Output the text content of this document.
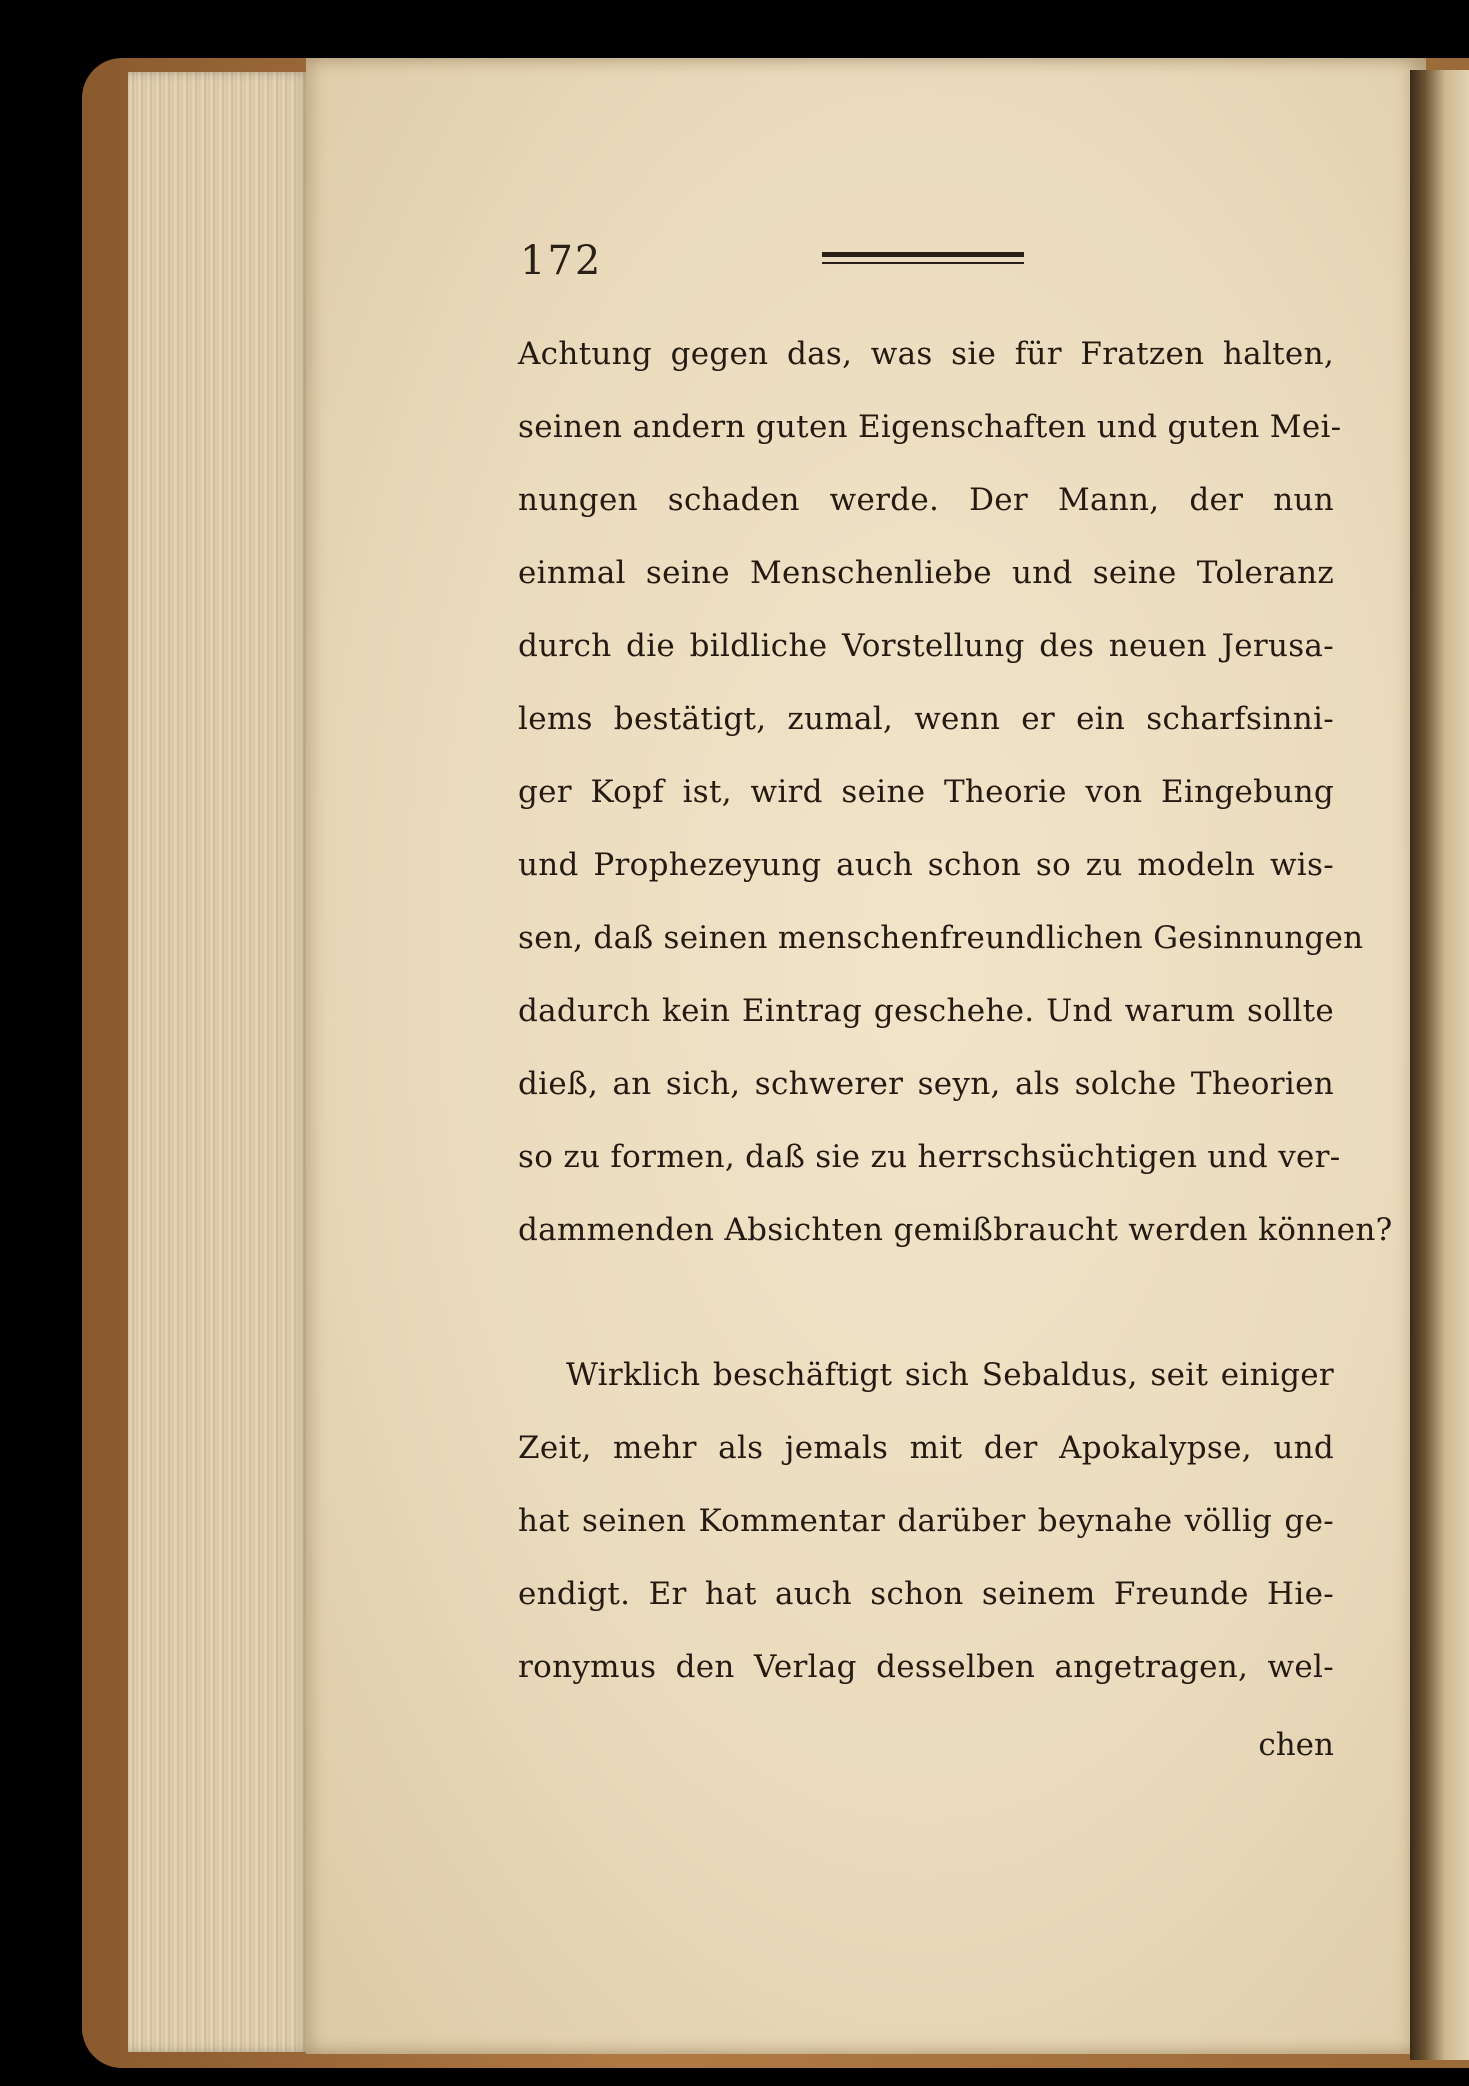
172
Achtung gegen das, was sie für Fratzen halten,
seinen andern guten Eigenschaften und guten Mei-
nungen schaden werde. Der Mann, der nun
einmal seine Menschenliebe und seine Toleranz
durch die bildliche Vorstellung des neuen Jerusa-
lems bestätigt, zumal, wenn er ein scharfsinni-
ger Kopf ist, wird seine Theorie von Eingebung
und Prophezeyung auch schon so zu modeln wis-
sen, daß seinen menschenfreundlichen Gesinnungen
dadurch kein Eintrag geschehe. Und warum sollte
dieß, an sich, schwerer seyn, als solche Theorien
so zu formen, daß sie zu herrschsüchtigen und ver-
dammenden Absichten gemißbraucht werden können?
Wirklich beschäftigt sich Sebaldus, seit einiger
Zeit, mehr als jemals mit der Apokalypse, und
hat seinen Kommentar darüber beynahe völlig ge-
endigt. Er hat auch schon seinem Freunde Hie-
ronymus den Verlag desselben angetragen, wel-
chen
